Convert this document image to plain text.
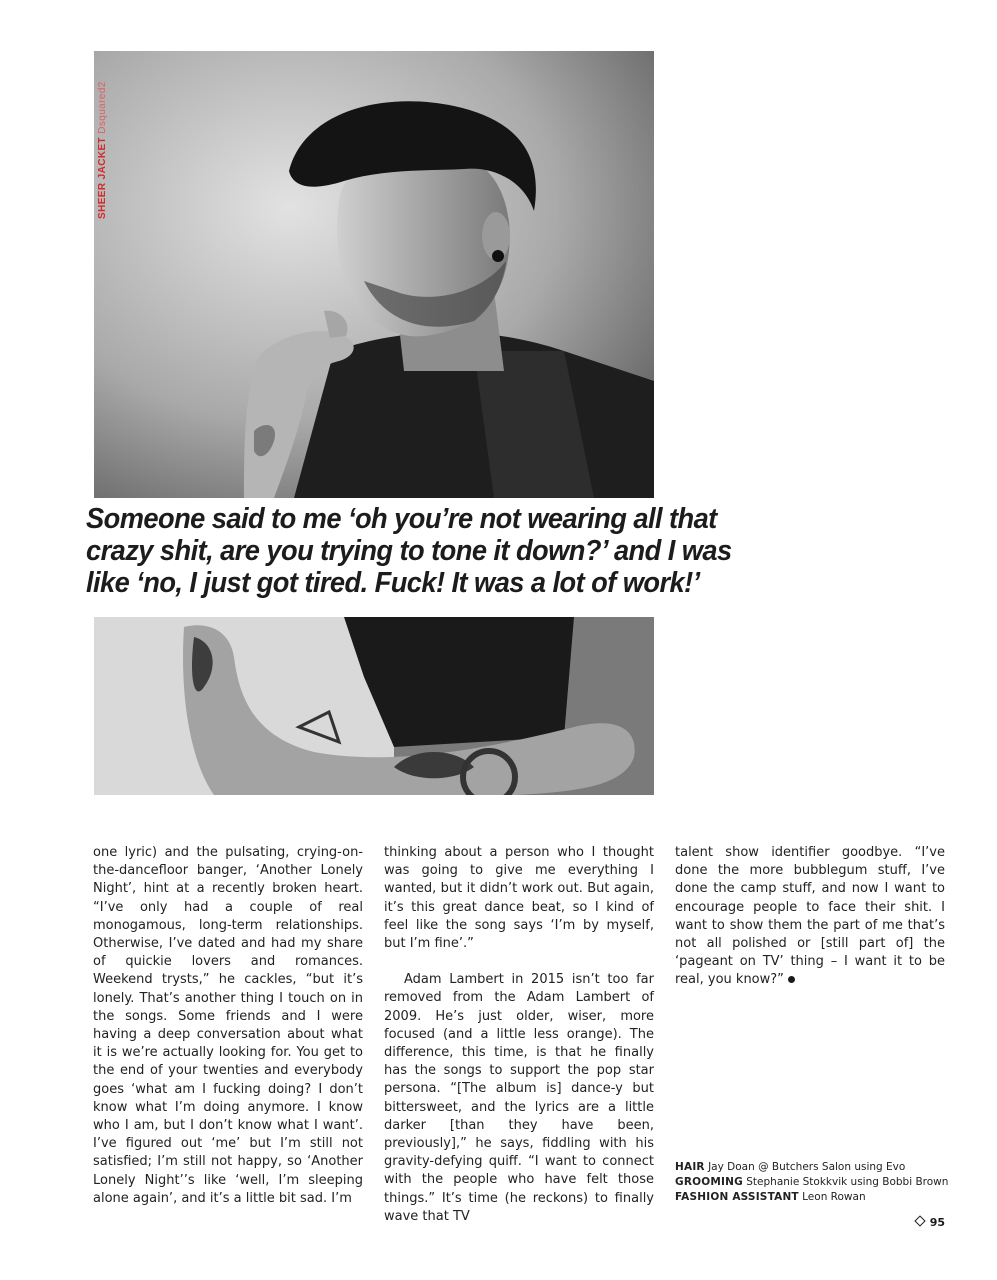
SHEER JACKET Dsquared2
Someone said to me ‘oh you’re not wearing all that crazy shit, are you trying to tone it down?’ and I was like ‘no, I just got tired. Fuck! It was a lot of work!’

one lyric) and the pulsating, crying-on-the-dancefloor banger, ‘Another Lonely Night’, hint at a recently broken heart. “I’ve only had a couple of real monogamous, long-term relationships. Otherwise, I’ve dated and had my share of quickie lovers and romances. Weekend trysts,” he cackles, “but it’s lonely. That’s another thing I touch on in the songs. Some friends and I were having a deep conversation about what it is we’re actually looking for. You get to the end of your twenties and everybody goes ‘what am I fucking doing? I don’t know what I’m doing anymore. I know who I am, but I don’t know what I want’. I’ve figured out ‘me’ but I’m still not satisfied; I’m still not happy, so ‘Another Lonely Night’’s like ‘well, I’m sleeping alone again’, and it’s a little bit sad. I’m

thinking about a person who I thought was going to give me everything I wanted, but it didn’t work out. But again, it’s this great dance beat, so I kind of feel like the song says ‘I’m by myself, but I’m fine’.”

Adam Lambert in 2015 isn’t too far removed from the Adam Lambert of 2009. He’s just older, wiser, more focused (and a little less orange). The difference, this time, is that he finally has the songs to support the pop star persona. “[The album is] dance-y but bittersweet, and the lyrics are a little darker [than they have been, previously],” he says, fiddling with his gravity-defying quiff. “I want to connect with the people who have felt those things.” It’s time (he reckons) to finally wave that TV

talent show identifier goodbye. “I’ve done the more bubblegum stuff, I’ve done the camp stuff, and now I want to encourage people to face their shit. I want to show them the part of me that’s not all polished or [still part of] the ‘pageant on TV’ thing – I want it to be real, you know?”

HAIR Jay Doan @ Butchers Salon using Evo
GROOMING Stephanie Stokkvik using Bobbi Brown
FASHION ASSISTANT Leon Rowan
95
